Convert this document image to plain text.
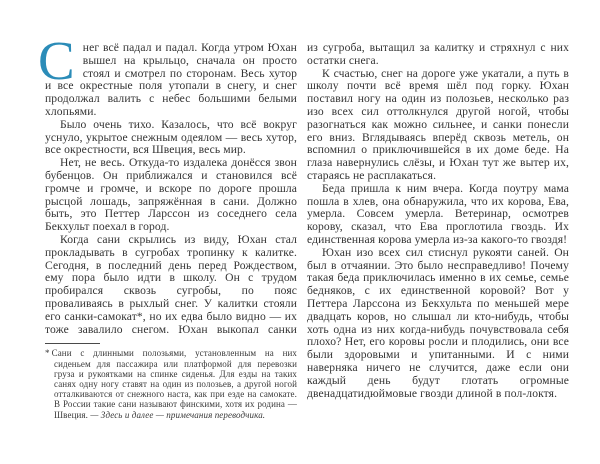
Снег всё падал и падал. Когда утром Юхан вышел на крыльцо, сначала он просто стоял и смотрел по сторонам. Весь хутор и все окрестные поля утопали в снегу, и снег продолжал валить с небес большими белыми хлопьями.

Было очень тихо. Казалось, что всё вокруг уснуло, укрытое снежным одеялом — весь хутор, все окрестности, вся Швеция, весь мир.

Нет, не весь. Откуда-то издалека донёсся звон бубенцов. Он приближался и становился всё громче и громче, и вскоре по дороге прошла рысцой лошадь, запряжённая в сани. Должно быть, это Петтер Ларссон из соседнего села Бекхульт поехал в город.

Когда сани скрылись из виду, Юхан стал прокладывать в сугробах тропинку к калитке. Сегодня, в последний день перед Рождеством, ему пора было идти в школу. Он с трудом пробирался сквозь сугробы, по пояс проваливаясь в рыхлый снег. У калитки стояли его санки-самокат*, но их едва было видно — их тоже завалило снегом. Юхан выкопал санки

* Сани с длинными полозьями, установленным на них сиденьем для пассажира или платформой для перевозки груза и рукоятками на спинке сиденья. Для езды на таких санях одну ногу ставят на один из полозьев, а другой ногой отталкиваются от снежного наста, как при езде на самокате. В России такие сани называют финскими, хотя их родина — Швеция. — Здесь и далее — примечания переводчика.

из сугроба, вытащил за калитку и стряхнул с них остатки снега.

К счастью, снег на дороге уже укатали, а путь в школу почти всё время шёл под горку. Юхан поставил ногу на один из полозьев, несколько раз изо всех сил оттолкнулся другой ногой, чтобы разогнаться как можно сильнее, и санки понесли его вниз. Вглядываясь вперёд сквозь метель, он вспомнил о приключившейся в их доме беде. На глаза навернулись слёзы, и Юхан тут же вытер их, стараясь не расплакаться.

Беда пришла к ним вчера. Когда поутру мама пошла в хлев, она обнаружила, что их корова, Ева, умерла. Совсем умерла. Ветеринар, осмотрев корову, сказал, что Ева проглотила гвоздь. Их единственная корова умерла из-за какого-то гвоздя!

Юхан изо всех сил стиснул рукояти саней. Он был в отчаянии. Это было несправедливо! Почему такая беда приключилась именно в их семье, семье бедняков, с их единственной коровой? Вот у Петтера Ларссона из Бекхульта по меньшей мере двадцать коров, но слышал ли кто-нибудь, чтобы хоть одна из них когда-нибудь почувствовала себя плохо? Нет, его коровы росли и плодились, они все были здоровыми и упитанными. И с ними наверняка ничего не случится, даже если они каждый день будут глотать огромные двенадцатидюймовые гвозди длиной в пол-локтя.
